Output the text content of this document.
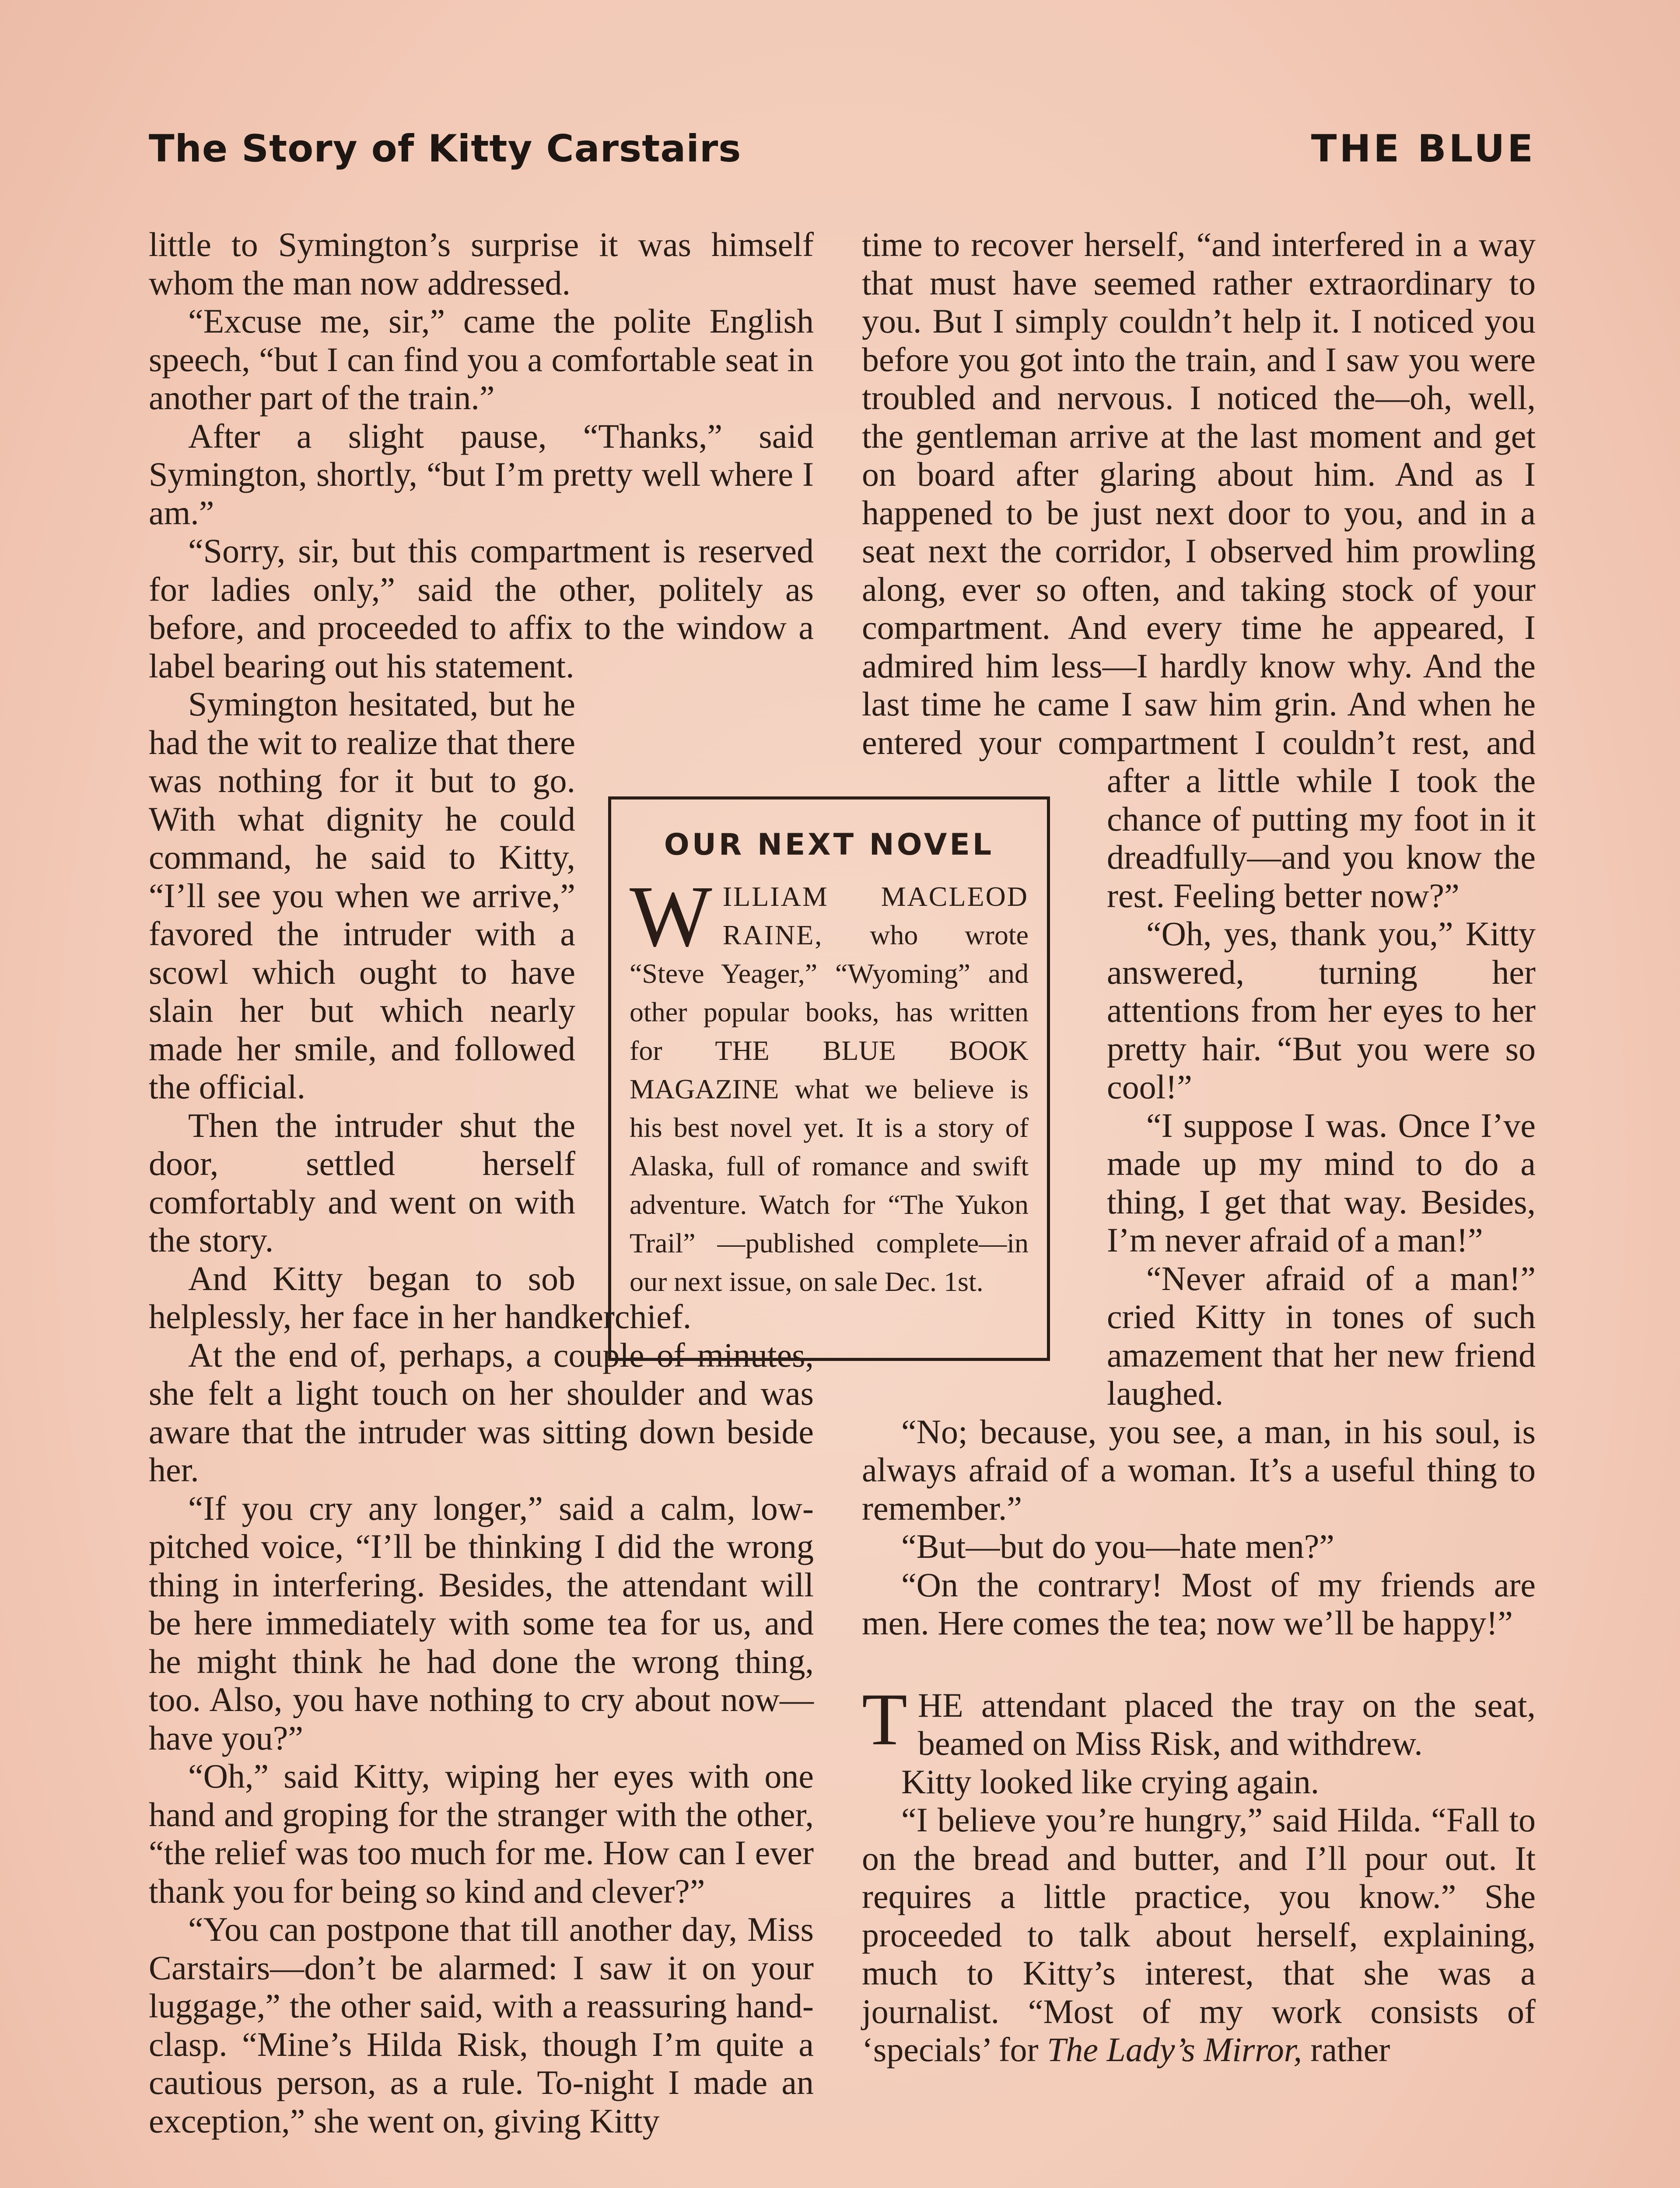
The Story of Kitty Carstairs	THE BLUE

little to Symington’s surprise it was himself whom the man now addressed.

“Excuse me, sir,” came the polite English speech, “but I can find you a comfortable seat in another part of the train.”

After a slight pause, “Thanks,” said Symington, shortly, “but I’m pretty well where I am.”

“Sorry, sir, but this compartment is reserved for ladies only,” said the other, politely as before, and proceeded to affix to the window a label bearing out his statement.

Symington hesitated, but he had the wit to realize that there was nothing for it but to go. With what dignity he could command, he said to Kitty, “I’ll see you when we arrive,” favored the intruder with a scowl which ought to have slain her but which nearly made her smile, and followed the official.

Then the intruder shut the door, settled herself comfortably and went on with the story.

And Kitty began to sob helplessly, her face in her handkerchief.

At the end of, perhaps, a couple of minutes, she felt a light touch on her shoulder and was aware that the intruder was sitting down beside her.

“If you cry any longer,” said a calm, low-pitched voice, “I’ll be thinking I did the wrong thing in interfering. Besides, the attendant will be here immediately with some tea for us, and he might think he had done the wrong thing, too. Also, you have nothing to cry about now—have you?”

“Oh,” said Kitty, wiping her eyes with one hand and groping for the stranger with the other, “the relief was too much for me. How can I ever thank you for being so kind and clever?”

“You can postpone that till another day, Miss Carstairs—don’t be alarmed: I saw it on your luggage,” the other said, with a reassuring hand-clasp. “Mine’s Hilda Risk, though I’m quite a cautious person, as a rule. To-night I made an exception,” she went on, giving Kitty

time to recover herself, “and interfered in a way that must have seemed rather extraordinary to you. But I simply couldn’t help it. I noticed you before you got into the train, and I saw you were troubled and nervous. I noticed the—oh, well, the gentleman arrive at the last moment and get on board after glaring about him. And as I happened to be just next door to you, and in a seat next the corridor, I observed him prowling along, ever so often, and taking stock of your compartment. And every time he appeared, I admired him less—I hardly know why. And the last time he came I saw him grin. And when he entered your compartment I couldn’t rest, and after a little while I took the chance of putting my foot in it dreadfully—and you know the rest. Feeling better now?”

“Oh, yes, thank you,” Kitty answered, turning her attentions from her eyes to her pretty hair. “But you were so cool!”

“I suppose I was. Once I’ve made up my mind to do a thing, I get that way. Besides, I’m never afraid of a man!”

“Never afraid of a man!” cried Kitty in tones of such amazement that her new friend laughed.

“No; because, you see, a man, in his soul, is always afraid of a woman. It’s a useful thing to remember.”

“But—but do you—hate men?”

“On the contrary! Most of my friends are men. Here comes the tea; now we’ll be happy!”

THE attendant placed the tray on the seat, beamed on Miss Risk, and withdrew.

Kitty looked like crying again.

“I believe you’re hungry,” said Hilda. “Fall to on the bread and butter, and I’ll pour out. It requires a little practice, you know.” She proceeded to talk about herself, explaining, much to Kitty’s interest, that she was a journalist. “Most of my work consists of ‘specials’ for The Lady’s Mirror, rather

OUR NEXT NOVEL
WILLIAM MACLEOD RAINE, who wrote “Steve Yeager,” “Wyoming” and other popular books, has written for THE BLUE BOOK MAGAZINE what we believe is his best novel yet. It is a story of Alaska, full of romance and swift adventure. Watch for “The Yukon Trail” —published complete—in our next issue, on sale Dec. 1st.
